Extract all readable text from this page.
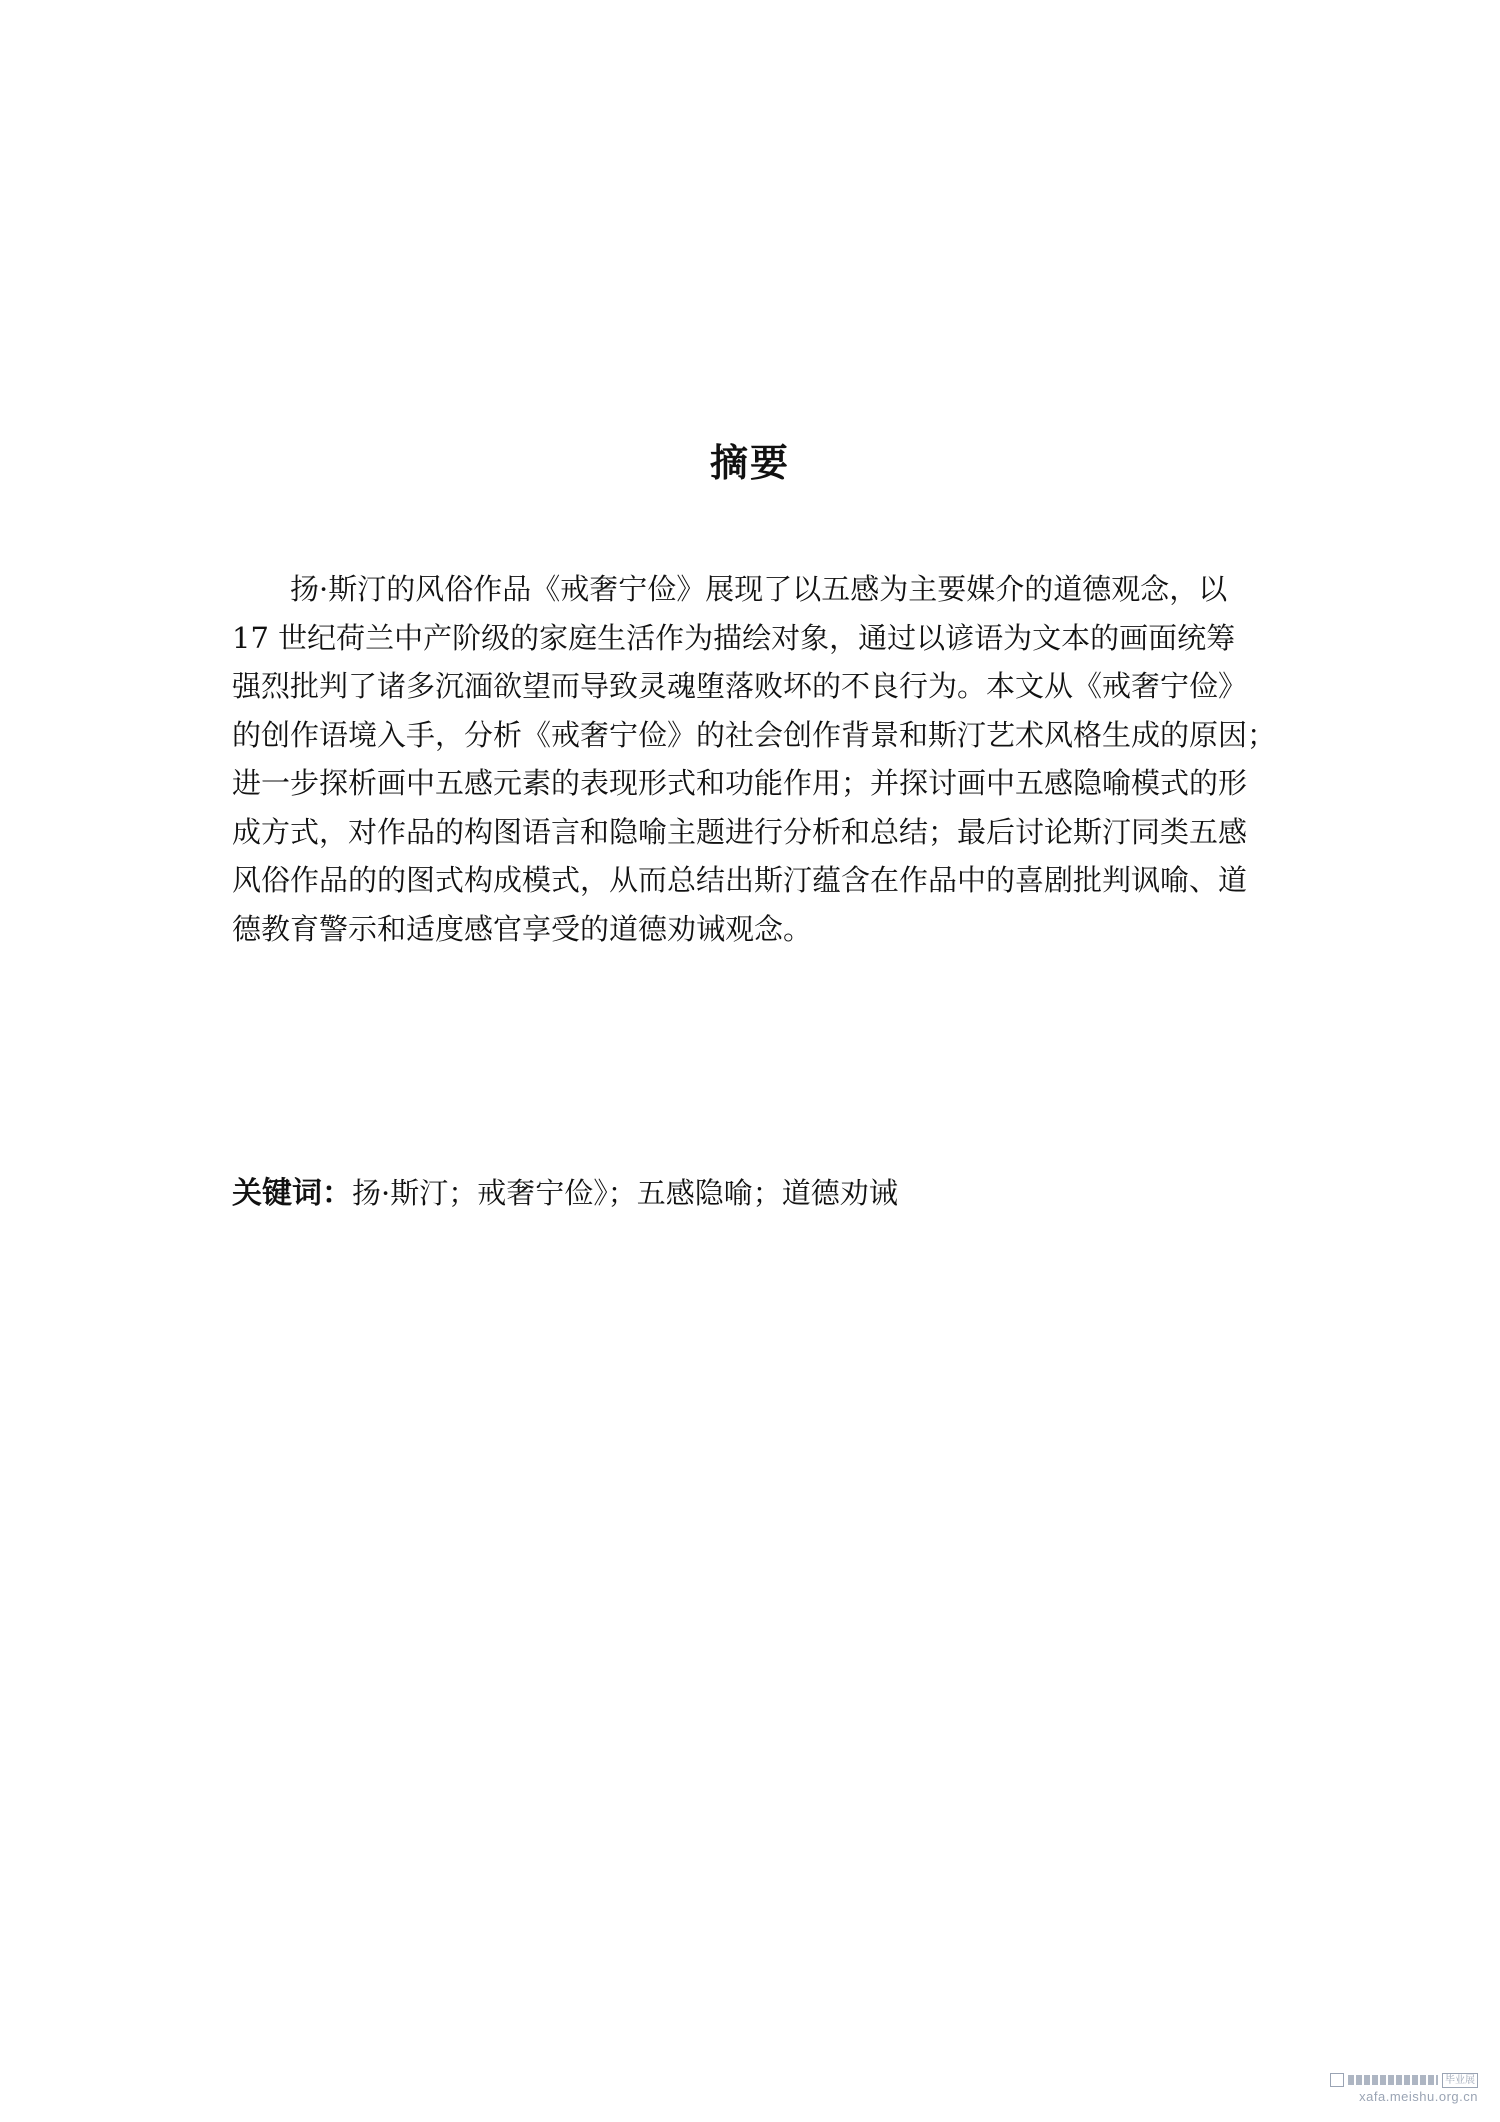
摘要
扬·斯汀的风俗作品《戒奢宁俭》展现了以五感为主要媒介的道德观念，以
17 世纪荷兰中产阶级的家庭生活作为描绘对象，通过以谚语为文本的画面统筹
强烈批判了诸多沉湎欲望而导致灵魂堕落败坏的不良行为。本文从《戒奢宁俭》
的创作语境入手，分析《戒奢宁俭》的社会创作背景和斯汀艺术风格生成的原因；
进一步探析画中五感元素的表现形式和功能作用；并探讨画中五感隐喻模式的形
成方式，对作品的构图语言和隐喻主题进行分析和总结；最后讨论斯汀同类五感
风俗作品的的图式构成模式，从而总结出斯汀蕴含在作品中的喜剧批判讽喻、道
德教育警示和适度感官享受的道德劝诫观念。
关键词：扬·斯汀；戒奢宁俭》；五感隐喻；道德劝诫
毕业展
xafa.meishu.org.cn
